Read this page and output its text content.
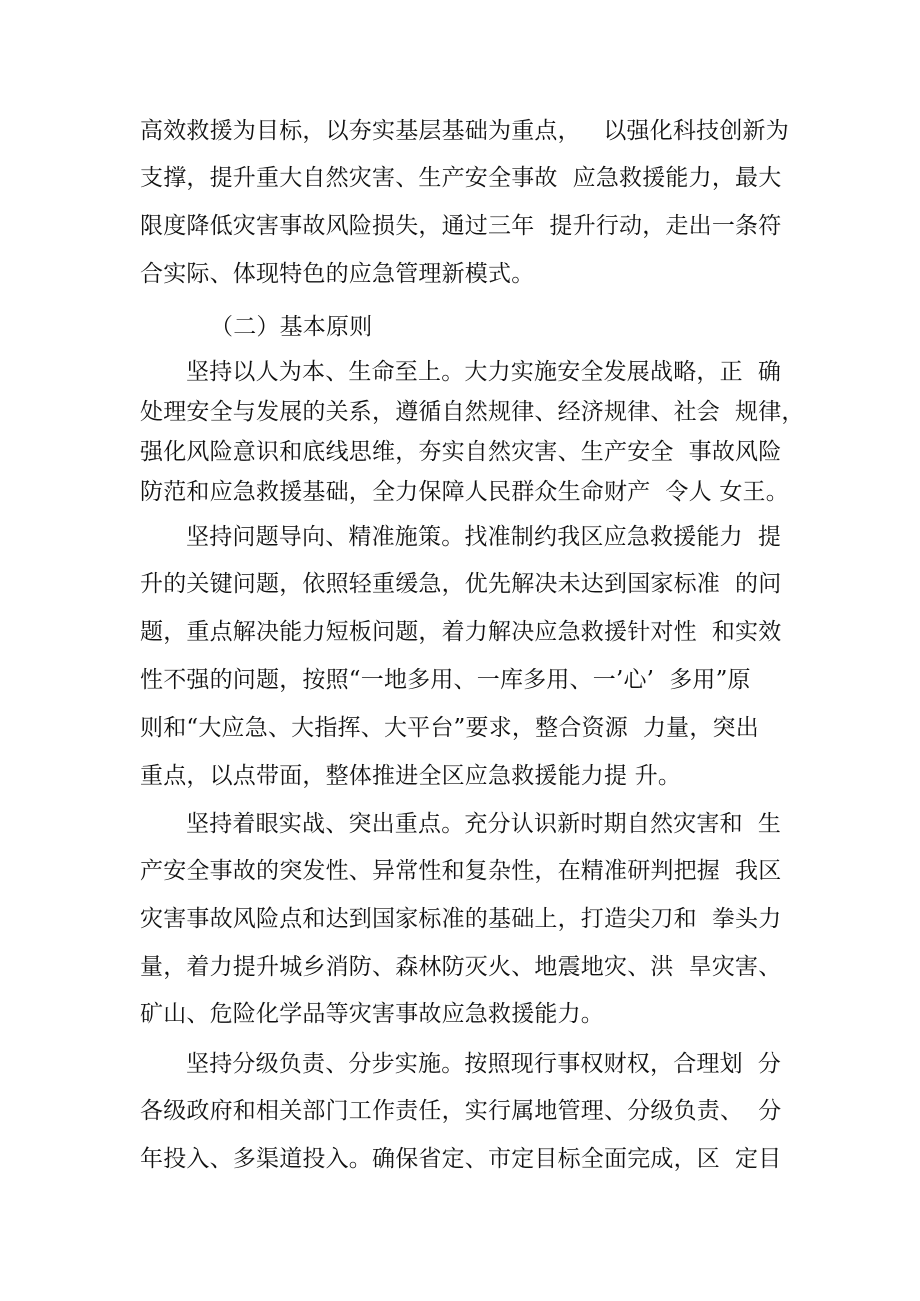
高效救援为目标，以夯实基层基础为重点，   以强化科技创新为
支撑，提升重大自然灾害、生产安全事故  应急救援能力，最大
限度降低灾害事故风险损失，通过三年  提升行动，走出一条符
合实际、体现特色的应急管理新模式。
（二）基本原则
坚持以人为本、生命至上。大力实施安全发展战略，正  确
处理安全与发展的关系，遵循自然规律、经济规律、社会  规律，
强化风险意识和底线思维，夯实自然灾害、生产安全  事故风险
防范和应急救援基础，全力保障人民群众生命财产  令人 女王。
坚持问题导向、精准施策。找准制约我区应急救援能力  提
升的关键问题，依照轻重缓急，优先解决未达到国家标准  的问
题，重点解决能力短板问题，着力解决应急救援针对性  和实效
性不强的问题，按照“一地多用、一库多用、一’心’  多用”原
则和“大应急、大指挥、大平台”要求，整合资源  力量，突出
重点，以点带面，整体推进全区应急救援能力提 升。
坚持着眼实战、突出重点。充分认识新时期自然灾害和  生
产安全事故的突发性、异常性和复杂性，在精准研判把握  我区
灾害事故风险点和达到国家标准的基础上，打造尖刀和  拳头力
量，着力提升城乡消防、森林防灭火、地震地灾、洪  旱灾害、
矿山、危险化学品等灾害事故应急救援能力。
坚持分级负责、分步实施。按照现行事权财权，合理划  分
各级政府和相关部门工作责任，实行属地管理、分级负责、  分
年投入、多渠道投入。确保省定、市定目标全面完成，区  定目
